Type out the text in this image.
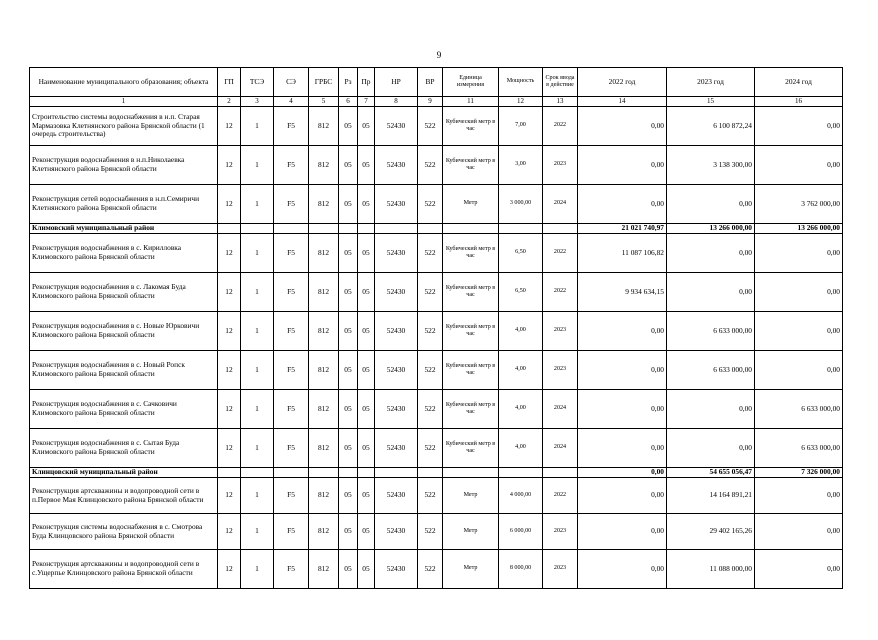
9
Наименование муниципального образования; объекта	ГП	ТСЭ	СЭ	ГРБС	Рз	Пр	НР	ВР	Единица измерения	Мощность	Срок ввода в действие	2022 год	2023 год	2024 год
1	2	3	4	5	6	7	8	9	11	12	13	14	15	16
Строительство системы водоснабжения в н.п. Старая Мармазовка Клетнянского района Брянской области (1 очередь строительства)	12	1	F5	812	05	05	52430	522	Кубический метр в час	7,00	2022	0,00	6 100 872,24	0,00
Реконструкция водоснабжения в н.п.Николаевка Клетнянского района Брянской области	12	1	F5	812	05	05	52430	522	Кубический метр в час	3,00	2023	0,00	3 138 300,00	0,00
Реконструкция сетей водоснабжения в н.п.Семиричи Клетнянского района Брянской области	12	1	F5	812	05	05	52430	522	Метр	3 000,00	2024	0,00	0,00	3 762 000,00
Климовский муниципальный район												21 021 740,97	13 266 000,00	13 266 000,00
Реконструкция водоснабжения в с. Кирилловка Климовского района Брянской области	12	1	F5	812	05	05	52430	522	Кубический метр в час	6,50	2022	11 087 106,82	0,00	0,00
Реконструкция водоснабжения в с. Лакомая Буда Климовского района Брянской области	12	1	F5	812	05	05	52430	522	Кубический метр в час	6,50	2022	9 934 634,15	0,00	0,00
Реконструкция водоснабжения в с. Новые Юрковичи Климовского района Брянской области	12	1	F5	812	05	05	52430	522	Кубический метр в час	4,00	2023	0,00	6 633 000,00	0,00
Реконструкция водоснабжения в с. Новый Ропск Климовского района Брянской области	12	1	F5	812	05	05	52430	522	Кубический метр в час	4,00	2023	0,00	6 633 000,00	0,00
Реконструкция водоснабжения в с. Сачковичи Климовского района Брянской области	12	1	F5	812	05	05	52430	522	Кубический метр в час	4,00	2024	0,00	0,00	6 633 000,00
Реконструкция водоснабжения в с. Сытая Буда Климовского района Брянской области	12	1	F5	812	05	05	52430	522	Кубический метр в час	4,00	2024	0,00	0,00	6 633 000,00
Клинцовский муниципальный район												0,00	54 655 056,47	7 326 000,00
Реконструкция артскважины и водопроводной сети в п.Первое Мая Клинцовского района Брянской области	12	1	F5	812	05	05	52430	522	Метр	4 000,00	2022	0,00	14 164 891,21	0,00
Реконструкция системы водоснабжения в с. Смотрова Буда Клинцовского района Брянской области	12	1	F5	812	05	05	52430	522	Метр	6 000,00	2023	0,00	29 402 165,26	0,00
Реконструкция артскважины и водопроводной сети в с.Ущерпье Клинцовского района Брянской области	12	1	F5	812	05	05	52430	522	Метр	8 000,00	2023	0,00	11 088 000,00	0,00
